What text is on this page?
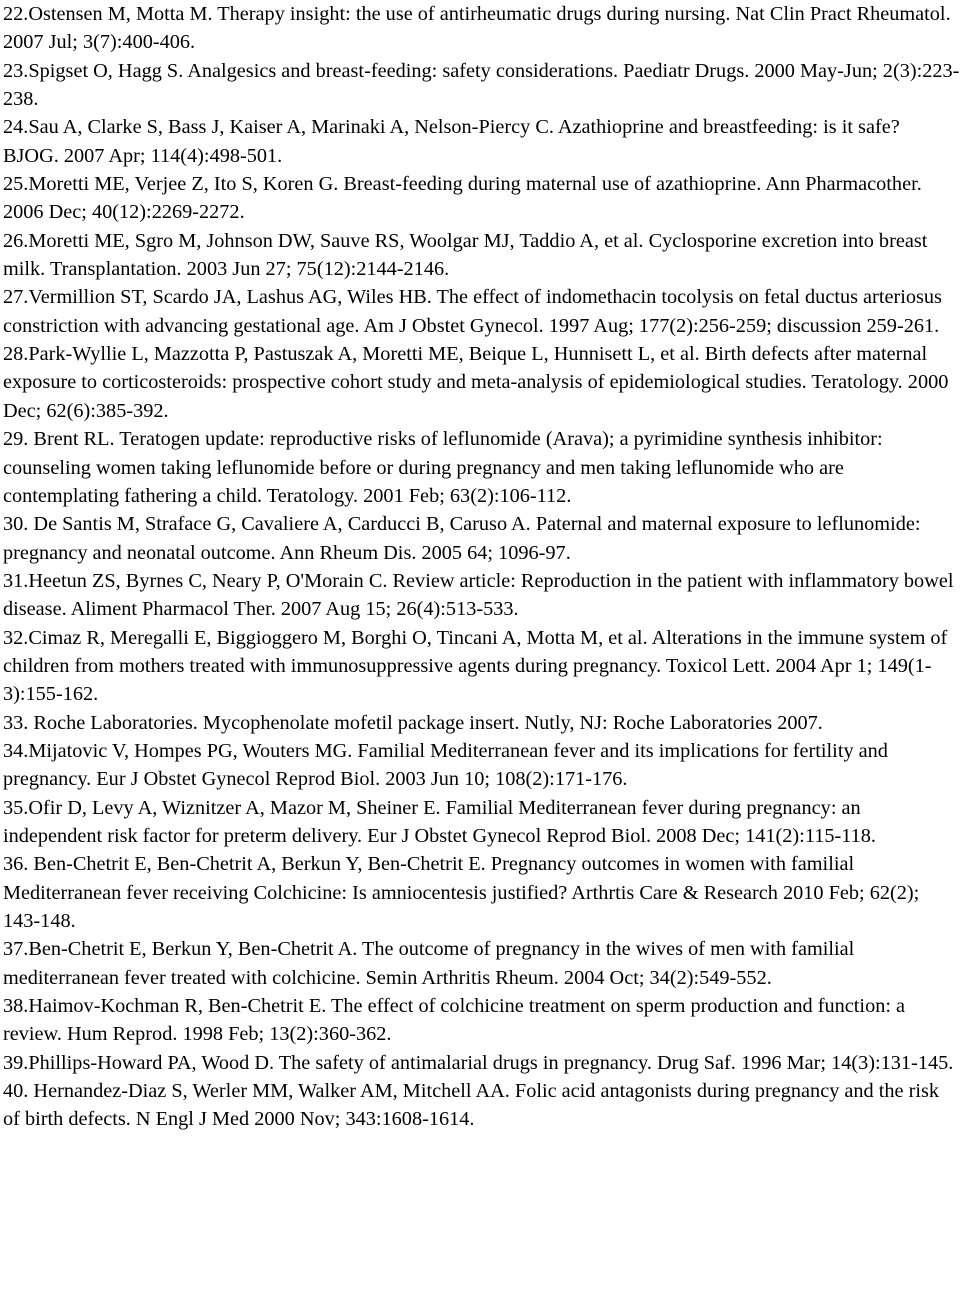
22.Ostensen M, Motta M. Therapy insight: the use of antirheumatic drugs during nursing. Nat Clin Pract Rheumatol. 2007 Jul; 3(7):400-406.

23.Spigset O, Hagg S. Analgesics and breast-feeding: safety considerations. Paediatr Drugs. 2000 May-Jun; 2(3):223-238.

24.Sau A, Clarke S, Bass J, Kaiser A, Marinaki A, Nelson-Piercy C. Azathioprine and breastfeeding: is it safe? BJOG. 2007 Apr; 114(4):498-501.

25.Moretti ME, Verjee Z, Ito S, Koren G. Breast-feeding during maternal use of azathioprine. Ann Pharmacother. 2006 Dec; 40(12):2269-2272.

26.Moretti ME, Sgro M, Johnson DW, Sauve RS, Woolgar MJ, Taddio A, et al. Cyclosporine excretion into breast milk. Transplantation. 2003 Jun 27; 75(12):2144-2146.

27.Vermillion ST, Scardo JA, Lashus AG, Wiles HB. The effect of indomethacin tocolysis on fetal ductus arteriosus constriction with advancing gestational age. Am J Obstet Gynecol. 1997 Aug; 177(2):256-259; discussion 259-261.

28.Park-Wyllie L, Mazzotta P, Pastuszak A, Moretti ME, Beique L, Hunnisett L, et al. Birth defects after maternal exposure to corticosteroids: prospective cohort study and meta-analysis of epidemiological studies. Teratology. 2000 Dec; 62(6):385-392.

29. Brent RL. Teratogen update: reproductive risks of leflunomide (Arava); a pyrimidine synthesis inhibitor: counseling women taking leflunomide before or during pregnancy and men taking leflunomide who are contemplating fathering a child. Teratology. 2001 Feb; 63(2):106-112.

30. De Santis M, Straface G, Cavaliere A, Carducci B, Caruso A. Paternal and maternal exposure to leflunomide: pregnancy and neonatal outcome. Ann Rheum Dis. 2005 64; 1096-97.

31.Heetun ZS, Byrnes C, Neary P, O'Morain C. Review article: Reproduction in the patient with inflammatory bowel disease. Aliment Pharmacol Ther. 2007 Aug 15; 26(4):513-533.

32.Cimaz R, Meregalli E, Biggioggero M, Borghi O, Tincani A, Motta M, et al. Alterations in the immune system of children from mothers treated with immunosuppressive agents during pregnancy. Toxicol Lett. 2004 Apr 1; 149(1-3):155-162.

33. Roche Laboratories. Mycophenolate mofetil package insert. Nutly, NJ: Roche Laboratories 2007.

34.Mijatovic V, Hompes PG, Wouters MG. Familial Mediterranean fever and its implications for fertility and pregnancy. Eur J Obstet Gynecol Reprod Biol. 2003 Jun 10; 108(2):171-176.

35.Ofir D, Levy A, Wiznitzer A, Mazor M, Sheiner E. Familial Mediterranean fever during pregnancy: an independent risk factor for preterm delivery. Eur J Obstet Gynecol Reprod Biol. 2008 Dec; 141(2):115-118.

36. Ben-Chetrit E, Ben-Chetrit A, Berkun Y, Ben-Chetrit E. Pregnancy outcomes in women with familial Mediterranean fever receiving Colchicine: Is amniocentesis justified? Arthrtis Care & Research 2010 Feb; 62(2); 143-148.

37.Ben-Chetrit E, Berkun Y, Ben-Chetrit A. The outcome of pregnancy in the wives of men with familial mediterranean fever treated with colchicine. Semin Arthritis Rheum. 2004 Oct; 34(2):549-552.

38.Haimov-Kochman R, Ben-Chetrit E. The effect of colchicine treatment on sperm production and function: a review. Hum Reprod. 1998 Feb; 13(2):360-362.

39.Phillips-Howard PA, Wood D. The safety of antimalarial drugs in pregnancy. Drug Saf. 1996 Mar; 14(3):131-145.

40. Hernandez-Diaz S, Werler MM, Walker AM, Mitchell AA. Folic acid antagonists during pregnancy and the risk of birth defects. N Engl J Med 2000 Nov; 343:1608-1614.
